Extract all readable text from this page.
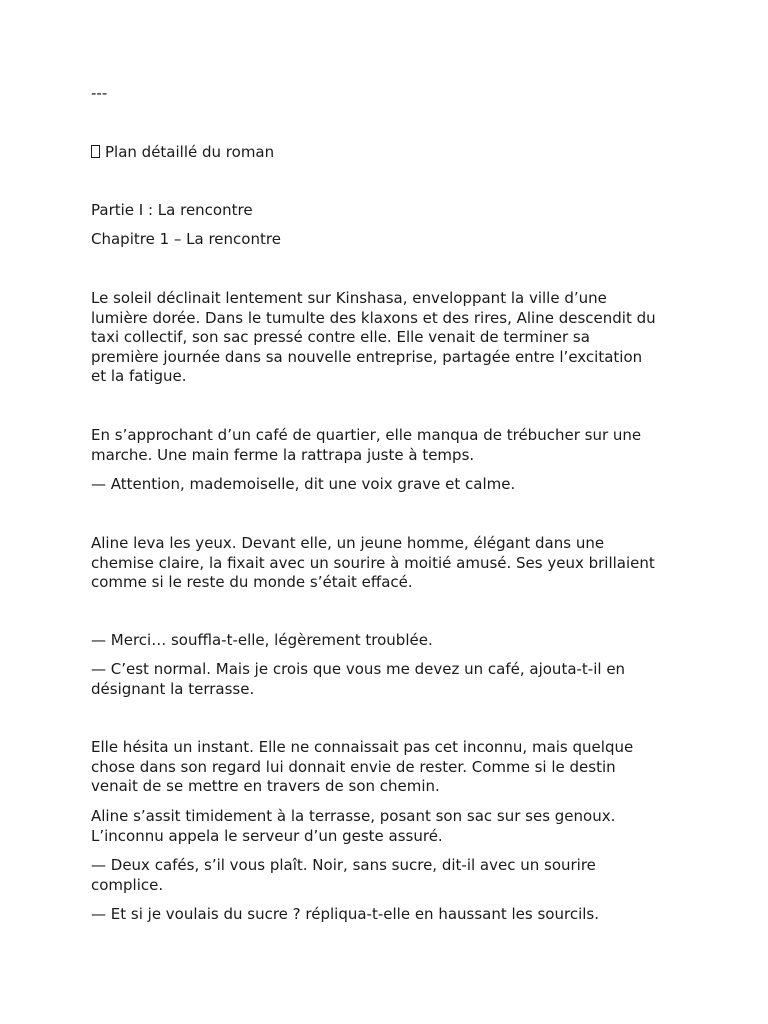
---

Plan détaillé du roman

Partie I : La rencontre

Chapitre 1 – La rencontre

Le soleil déclinait lentement sur Kinshasa, enveloppant la ville d’une
lumière dorée. Dans le tumulte des klaxons et des rires, Aline descendit du
taxi collectif, son sac pressé contre elle. Elle venait de terminer sa
première journée dans sa nouvelle entreprise, partagée entre l’excitation
et la fatigue.
En s’approchant d’un café de quartier, elle manqua de trébucher sur une
marche. Une main ferme la rattrapa juste à temps.
— Attention, mademoiselle, dit une voix grave et calme.
Aline leva les yeux. Devant elle, un jeune homme, élégant dans une
chemise claire, la fixait avec un sourire à moitié amusé. Ses yeux brillaient
comme si le reste du monde s’était effacé.
— Merci… souffla-t-elle, légèrement troublée.
— C’est normal. Mais je crois que vous me devez un café, ajouta-t-il en
désignant la terrasse.
Elle hésita un instant. Elle ne connaissait pas cet inconnu, mais quelque
chose dans son regard lui donnait envie de rester. Comme si le destin
venait de se mettre en travers de son chemin.
Aline s’assit timidement à la terrasse, posant son sac sur ses genoux.
L’inconnu appela le serveur d’un geste assuré.
— Deux cafés, s’il vous plaît. Noir, sans sucre, dit-il avec un sourire
complice.
— Et si je voulais du sucre ? répliqua-t-elle en haussant les sourcils.
